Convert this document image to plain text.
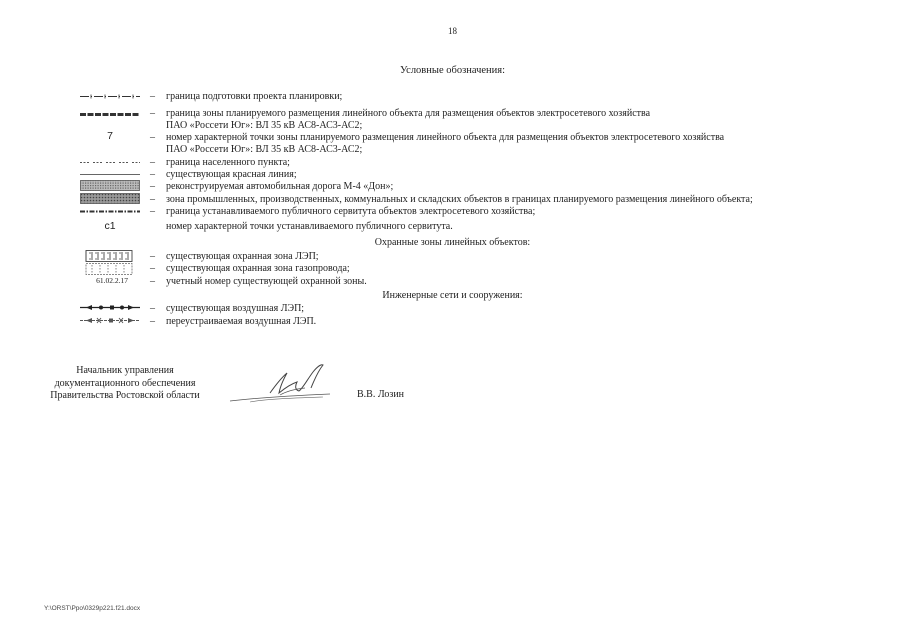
18
Условные обозначения:
– граница подготовки проекта планировки;
– граница зоны планируемого размещения линейного объекта для размещения объектов электросетевого хозяйства
ПАО «Россети Юг»: ВЛ 35 кВ АС8-АС3-АС2;
7	– номер характерной точки зоны планируемого размещения линейного объекта для размещения объектов электросетевого хозяйства
ПАО «Россети Юг»: ВЛ 35 кВ АС8-АС3-АС2;
– граница населенного пункта;
– существующая красная линия;
– реконструируемая автомобильная дорога М-4 «Дон»;
– зона промышленных, производственных, коммунальных и складских объектов в границах планируемого размещения линейного объекта;
– граница устанавливаемого публичного сервитута объектов электросетевого хозяйства;
с1	номер характерной точки устанавливаемого публичного сервитута.
Охранные зоны линейных объектов:
– существующая охранная зона ЛЭП;
– существующая охранная зона газопровода;
61.02.2.17	– учетный номер существующей охранной зоны.
Инженерные сети и сооружения:
– существующая воздушная ЛЭП;
– переустраиваемая воздушная ЛЭП.
Начальник управления
документационного обеспечения
Правительства Ростовской области	В.В. Лозин
Y:\ORST\Ppo\0329p221.f21.docx
